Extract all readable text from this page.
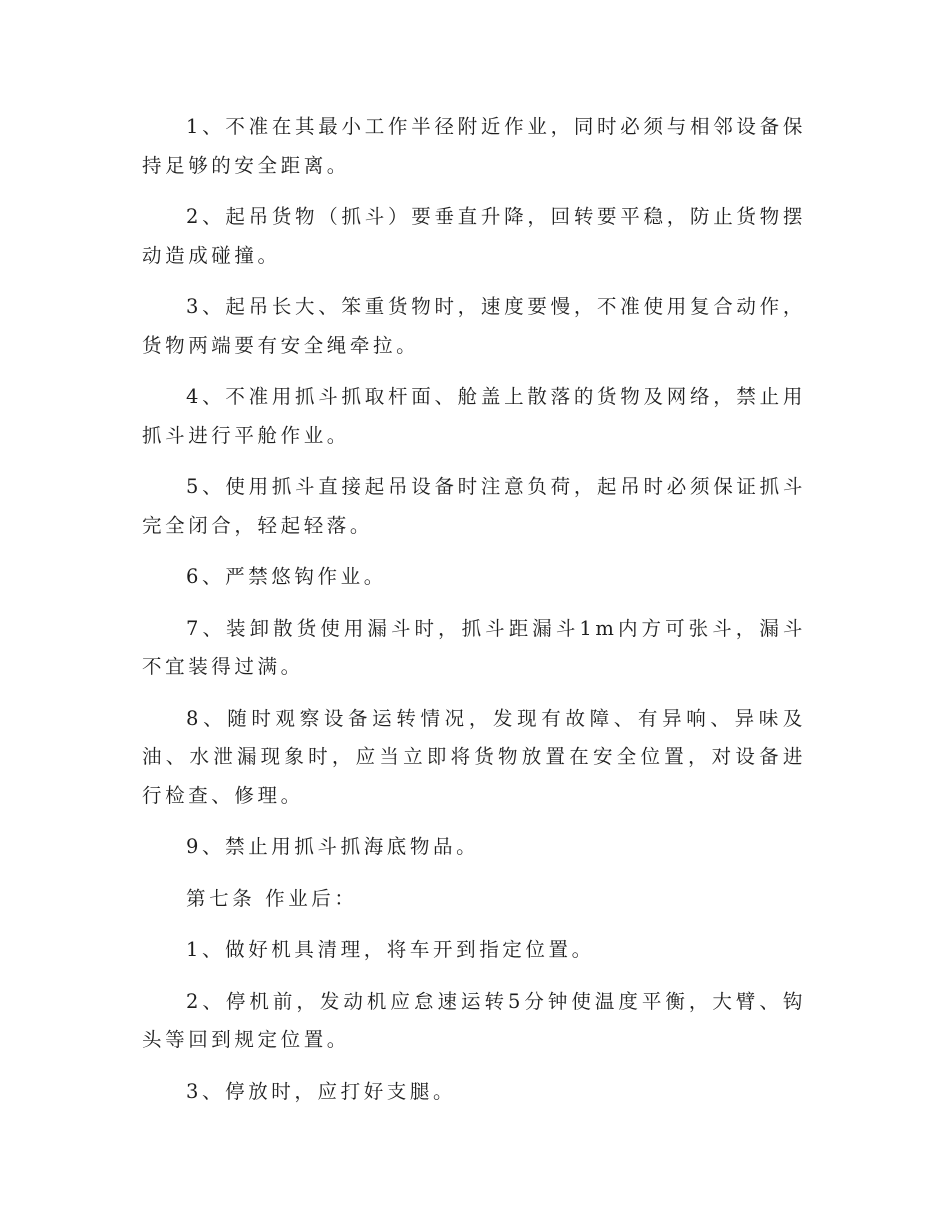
1、不准在其最小工作半径附近作业，同时必须与相邻设备保持足够的安全距离。

2、起吊货物（抓斗）要垂直升降，回转要平稳，防止货物摆动造成碰撞。

3、起吊长大、笨重货物时，速度要慢，不准使用复合动作，货物两端要有安全绳牵拉。

4、不准用抓斗抓取杆面、舱盖上散落的货物及网络，禁止用抓斗进行平舱作业。

5、使用抓斗直接起吊设备时注意负荷，起吊时必须保证抓斗完全闭合，轻起轻落。

6、严禁悠钩作业。

7、装卸散货使用漏斗时，抓斗距漏斗1m内方可张斗，漏斗不宜装得过满。

8、随时观察设备运转情况，发现有故障、有异响、异味及油、水泄漏现象时，应当立即将货物放置在安全位置，对设备进行检查、修理。

9、禁止用抓斗抓海底物品。

第七条 作业后：

1、做好机具清理，将车开到指定位置。

2、停机前，发动机应怠速运转5分钟使温度平衡，大臂、钩头等回到规定位置。

3、停放时，应打好支腿。
